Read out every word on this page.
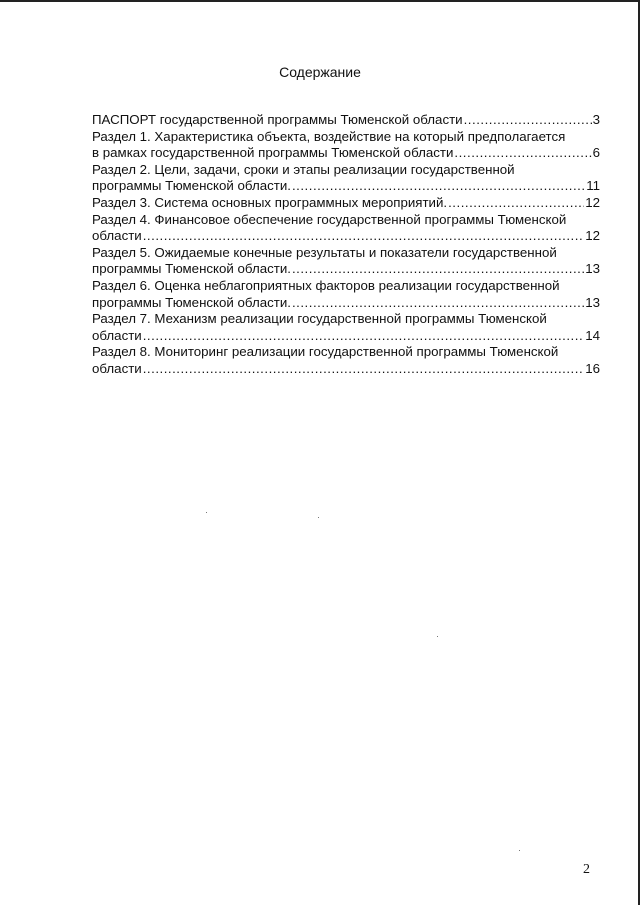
Содержание
ПАСПОРТ государственной программы Тюменской области .....	3
Раздел 1. Характеристика объекта, воздействие на который предполагается
в рамках государственной программы Тюменской области .....	6
Раздел 2. Цели, задачи, сроки и этапы реализации государственной
программы Тюменской области. .....	11
Раздел 3. Система основных программных мероприятий. .....	12
Раздел 4. Финансовое обеспечение государственной программы Тюменской
области .....	12
Раздел 5. Ожидаемые конечные результаты и показатели государственной
программы Тюменской области. .....	13
Раздел 6. Оценка неблагоприятных факторов реализации государственной
программы Тюменской области. .....	13
Раздел 7. Механизм реализации государственной программы Тюменской
области .....	14
Раздел 8. Мониторинг реализации государственной программы Тюменской
области .....	16
2
